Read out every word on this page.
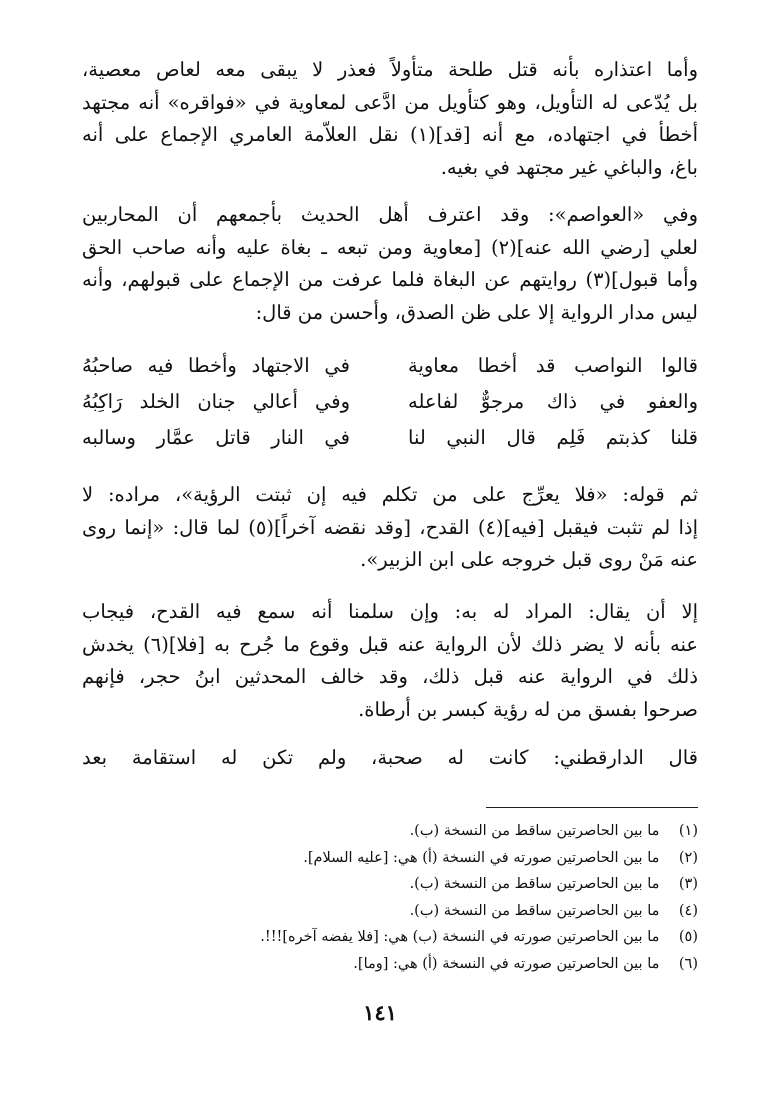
وأما اعتذاره بأنه قتل طلحة متأولاً فعذر لا يبقى معه لعاص معصية،
بل يُدّعى له التأويل، وهو كتأويل من ادَّعى لمعاوية في «فواقره» أنه مجتهد
أخطأ في اجتهاده، مع أنه [قد](١) نقل العلاّمة العامري الإجماع على أنه
باغ، والباغي غير مجتهد في بغيه.
وفي «العواصم»: وقد اعترف أهل الحديث بأجمعهم أن المحاربين
لعلي [رضي الله عنه](٢) [معاوية ومن تبعه ـ بغاة عليه وأنه صاحب الحق
وأما قبول](٣) روايتهم عن البغاة فلما عرفت من الإجماع على قبولهم، وأنه
ليس مدار الرواية إلا على ظن الصدق، وأحسن من قال:
قالوا النواصب قد أخطا معاوية
في الاجتهاد وأخطا فيه صاحبُهُ
والعفو في ذاك مرجوٌّ لفاعله
وفي أعالي جنان الخلد رَاكِبُهُ
قلنا كذبتم فَلِم قال النبي لنا
في النار قاتل عمَّار وسالبه
ثم قوله: «فلا يعرِّج على من تكلم فيه إن ثبتت الرؤية»، مراده: لا
إذا لم تثبت فيقبل [فيه](٤) القدح، [وقد نقضه آخراً](٥) لما قال: «إنما روى
عنه مَنْ روى قبل خروجه على ابن الزبير».
إلا أن يقال: المراد له به: وإن سلمنا أنه سمع فيه القدح، فيجاب
عنه بأنه لا يضر ذلك لأن الرواية عنه قبل وقوع ما جُرح به [فلا](٦) يخدش
ذلك في الرواية عنه قبل ذلك، وقد خالف المحدثين ابنُ حجر، فإنهم
صرحوا بفسق من له رؤية كبسر بن أرطاة.
قال الدارقطني: كانت له صحبة، ولم تكن له استقامة بعد
(١) ما بين الحاصرتين ساقط من النسخة (ب).
(٢) ما بين الحاصرتين صورته في النسخة (أ) هي: [عليه السلام].
(٣) ما بين الحاصرتين ساقط من النسخة (ب).
(٤) ما بين الحاصرتين ساقط من النسخة (ب).
(٥) ما بين الحاصرتين صورته في النسخة (ب) هي: [فلا يفضه آخره]!!!.
(٦) ما بين الحاصرتين صورته في النسخة (أ) هي: [وما].
١٤١
